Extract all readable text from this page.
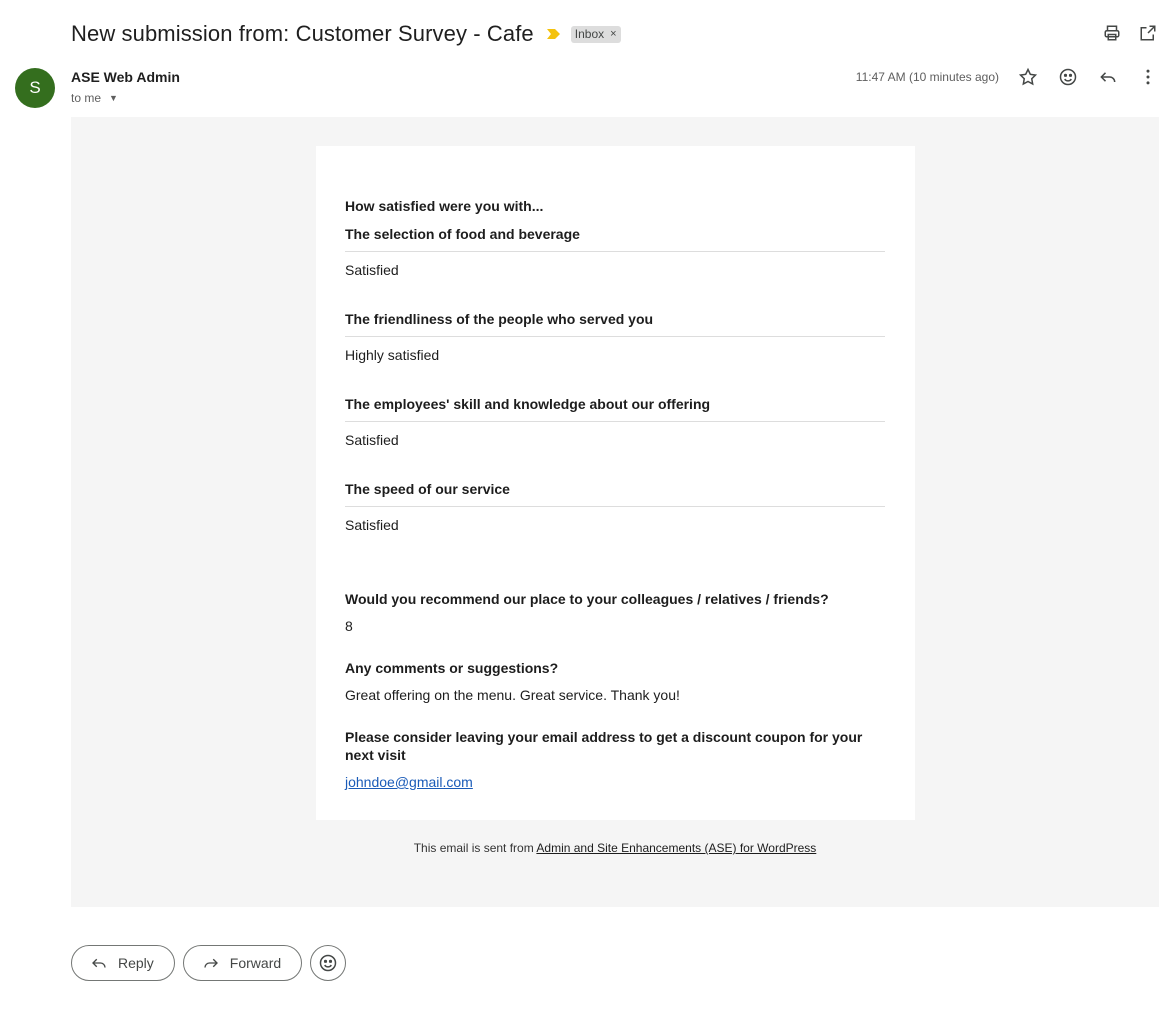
New submission from: Customer Survey - Cafe	Inbox ×
S
ASE Web Admin
to me ▼
11:47 AM (10 minutes ago)
How satisfied were you with...
The selection of food and beverage
Satisfied
The friendliness of the people who served you
Highly satisfied
The employees' skill and knowledge about our offering
Satisfied
The speed of our service
Satisfied
Would you recommend our place to your colleagues / relatives / friends?
8
Any comments or suggestions?
Great offering on the menu. Great service. Thank you!
Please consider leaving your email address to get a discount coupon for your next visit
johndoe@gmail.com
This email is sent from Admin and Site Enhancements (ASE) for WordPress
Reply	Forward
